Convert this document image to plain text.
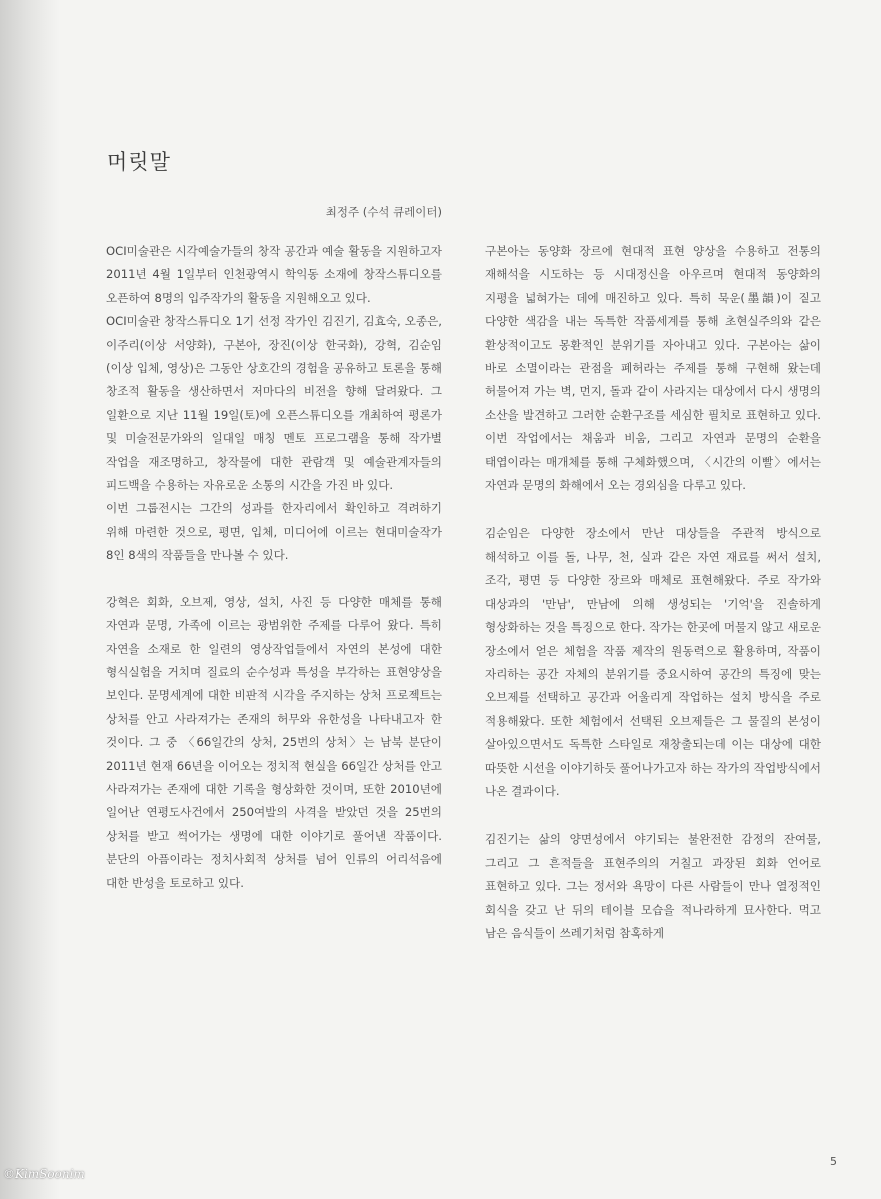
머릿말
최정주 (수석 큐레이터)

OCI미술관은 시각예술가들의 창작 공간과 예술 활동을 지원하고자 2011년 4월 1일부터 인천광역시 학익동 소재에 창작스튜디오를 오픈하여 8명의 입주작가의 활동을 지원해오고 있다.

OCI미술관 창작스튜디오 1기 선정 작가인 김진기, 김효숙, 오종은, 이주리(이상 서양화), 구본아, 장진(이상 한국화), 강혁, 김순임(이상 입체, 영상)은 그동안 상호간의 경험을 공유하고 토론을 통해 창조적 활동을 생산하면서 저마다의 비전을 향해 달려왔다. 그 일환으로 지난 11월 19일(토)에 오픈스튜디오를 개최하여 평론가 및 미술전문가와의 일대일 매칭 멘토 프로그램을 통해 작가별 작업을 재조명하고, 창작물에 대한 관람객 및 예술관계자들의 피드백을 수용하는 자유로운 소통의 시간을 가진 바 있다.

이번 그룹전시는 그간의 성과를 한자리에서 확인하고 격려하기 위해 마련한 것으로, 평면, 입체, 미디어에 이르는 현대미술작가 8인 8색의 작품들을 만나볼 수 있다.

강혁은 회화, 오브제, 영상, 설치, 사진 등 다양한 매체를 통해 자연과 문명, 가족에 이르는 광범위한 주제를 다루어 왔다. 특히 자연을 소재로 한 일련의 영상작업들에서 자연의 본성에 대한 형식실험을 거치며 질료의 순수성과 특성을 부각하는 표현양상을 보인다. 문명세계에 대한 비판적 시각을 주지하는 상처 프로젝트는 상처를 안고 사라져가는 존재의 허무와 유한성을 나타내고자 한 것이다. 그 중 〈66일간의 상처, 25번의 상처〉는 남북 분단이 2011년 현재 66년을 이어오는 정치적 현실을 66일간 상처를 안고 사라져가는 존재에 대한 기록을 형상화한 것이며, 또한 2010년에 일어난 연평도사건에서 250여발의 사격을 받았던 것을 25번의 상처를 받고 썩어가는 생명에 대한 이야기로 풀어낸 작품이다. 분단의 아픔이라는 정치사회적 상처를 넘어 인류의 어리석음에 대한 반성을 토로하고 있다.

구본아는 동양화 장르에 현대적 표현 양상을 수용하고 전통의 재해석을 시도하는 등 시대정신을 아우르며 현대적 동양화의 지평을 넓혀가는 데에 매진하고 있다. 특히 묵운(墨韻)이 짙고 다양한 색감을 내는 독특한 작품세계를 통해 초현실주의와 같은 환상적이고도 몽환적인 분위기를 자아내고 있다. 구본아는 삶이 바로 소멸이라는 관점을 폐허라는 주제를 통해 구현해 왔는데 허물어져 가는 벽, 먼지, 돌과 같이 사라지는 대상에서 다시 생명의 소산을 발견하고 그러한 순환구조를 세심한 필치로 표현하고 있다. 이번 작업에서는 채움과 비움, 그리고 자연과 문명의 순환을 태엽이라는 매개체를 통해 구체화했으며, 〈시간의 이빨〉에서는 자연과 문명의 화해에서 오는 경외심을 다루고 있다.

김순임은 다양한 장소에서 만난 대상들을 주관적 방식으로 해석하고 이를 돌, 나무, 천, 실과 같은 자연 재료를 써서 설치, 조각, 평면 등 다양한 장르와 매체로 표현해왔다. 주로 작가와 대상과의 '만남', 만남에 의해 생성되는 '기억'을 진솔하게 형상화하는 것을 특징으로 한다. 작가는 한곳에 머물지 않고 새로운 장소에서 얻은 체험을 작품 제작의 원동력으로 활용하며, 작품이 자리하는 공간 자체의 분위기를 중요시하여 공간의 특징에 맞는 오브제를 선택하고 공간과 어울리게 작업하는 설치 방식을 주로 적용해왔다. 또한 체험에서 선택된 오브제들은 그 물질의 본성이 살아있으면서도 독특한 스타일로 재창출되는데 이는 대상에 대한 따뜻한 시선을 이야기하듯 풀어나가고자 하는 작가의 작업방식에서 나온 결과이다.

김진기는 삶의 양면성에서 야기되는 불완전한 감정의 잔여물, 그리고 그 흔적들을 표현주의의 거칠고 과장된 회화 언어로 표현하고 있다. 그는 정서와 욕망이 다른 사람들이 만나 열정적인 회식을 갖고 난 뒤의 테이블 모습을 적나라하게 묘사한다. 먹고 남은 음식들이 쓰레기처럼 참혹하게

5
©KimSoonim
